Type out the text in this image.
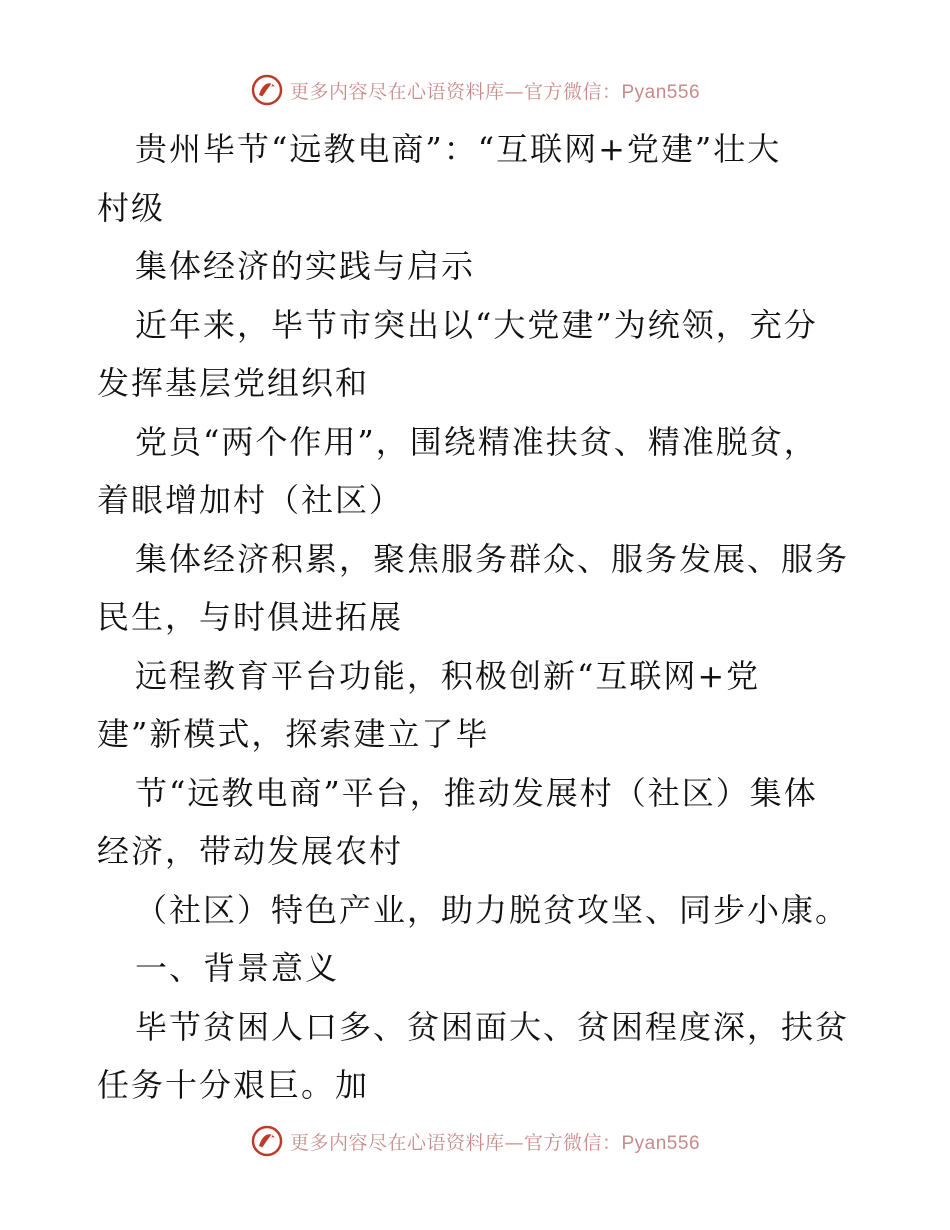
更多内容尽在心语资料库—官方微信：Pyan556
贵州毕节“远教电商”：“互联网+党建”壮大
村级
集体经济的实践与启示
近年来，毕节市突出以“大党建”为统领，充分
发挥基层党组织和
党员“两个作用”，围绕精准扶贫、精准脱贫，
着眼增加村（社区）
集体经济积累，聚焦服务群众、服务发展、服务
民生，与时俱进拓展
远程教育平台功能，积极创新“互联网+党
建”新模式，探索建立了毕
节“远教电商”平台，推动发展村（社区）集体
经济，带动发展农村
（社区）特色产业，助力脱贫攻坚、同步小康。
一、背景意义
毕节贫困人口多、贫困面大、贫困程度深，扶贫
任务十分艰巨。加
更多内容尽在心语资料库—官方微信：Pyan556
